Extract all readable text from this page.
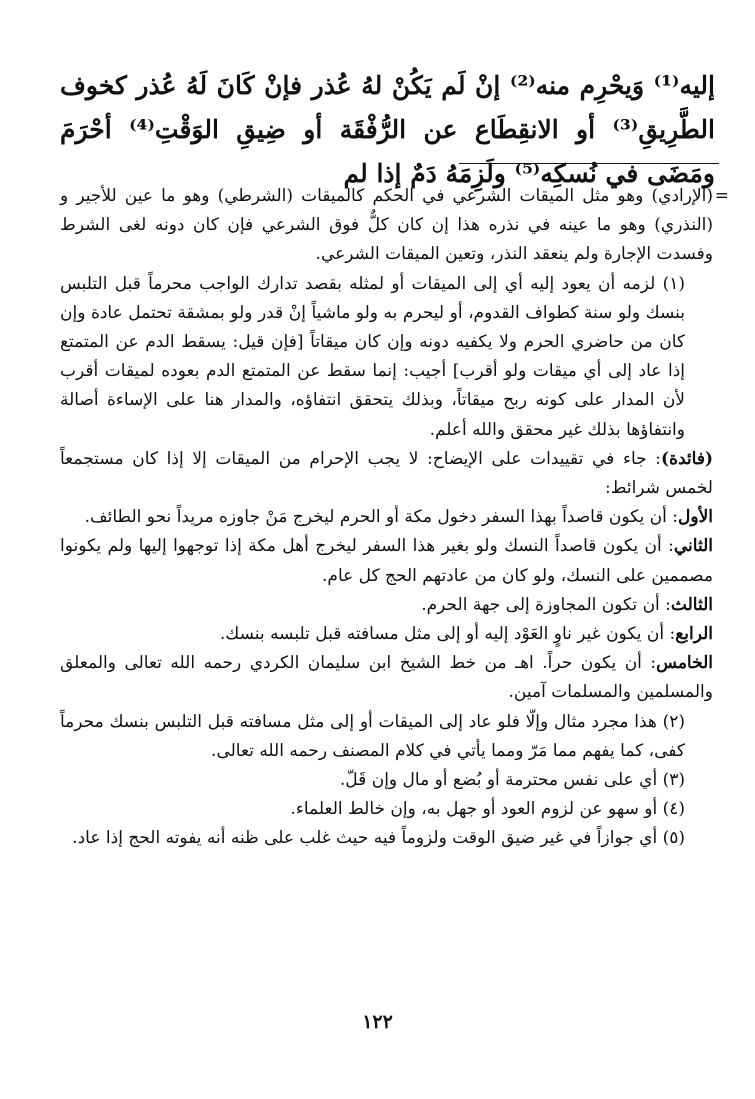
إليه⁽¹⁾ وَيحْرِم منه⁽²⁾ إنْ لَم يَكُنْ لهُ عُذر فإنْ كَانَ لَهُ عُذر كخوف الطَّرِيقِ⁽³⁾ أو الانقِطَاع عن الرُّفْقَة أو ضِيقِ الوَقْتِ⁽⁴⁾ أحْرَمَ ومَضَى في نُسكِه⁽⁵⁾ ولَزِمَهُ دَمٌ إذا لم

=
(الإرادي) وهو مثل الميقات الشرعي في الحكم كالميقات (الشرطي) وهو ما عين للأجير و (النذري) وهو ما عينه في نذره هذا إن كان كلٌّ فوق الشرعي فإن كان دونه لغى الشرط وفسدت الإجارة ولم ينعقد النذر، وتعين الميقات الشرعي.

(١) لزمه أن يعود إليه أي إلى الميقات أو لمثله بقصد تدارك الواجب محرماً قبل التلبس بنسك ولو سنة كطواف القدوم، أو ليحرم به ولو ماشياً إنْ قدر ولو بمشقة تحتمل عادة وإن كان من حاضري الحرم ولا يكفيه دونه وإن كان ميقاتاً [فإن قيل: يسقط الدم عن المتمتع إذا عاد إلى أي ميقات ولو أقرب] أجيب: إنما سقط عن المتمتع الدم بعوده لميقات أقرب لأن المدار على كونه ربح ميقاتاً، وبذلك يتحقق انتفاؤه، والمدار هنا على الإساءة أصالة وانتفاؤها بذلك غير محقق والله أعلم.

(فائدة): جاء في تقييدات على الإيضاح: لا يجب الإحرام من الميقات إلا إذا كان مستجمعاً لخمس شرائط:

الأول: أن يكون قاصداً بهذا السفر دخول مكة أو الحرم ليخرج مَنْ جاوزه مريداً نحو الطائف.

الثاني: أن يكون قاصداً النسك ولو بغير هذا السفر ليخرج أهل مكة إذا توجهوا إليها ولم يكونوا مصممين على النسك، ولو كان من عادتهم الحج كل عام.

الثالث: أن تكون المجاوزة إلى جهة الحرم.

الرابع: أن يكون غير ناوٍ العَوْد إليه أو إلى مثل مسافته قبل تلبسه بنسك.

الخامس: أن يكون حراً. اهـ من خط الشيخ ابن سليمان الكردي رحمه الله تعالى والمعلق والمسلمين والمسلمات آمين.

(٢) هذا مجرد مثال وإلّا فلو عاد إلى الميقات أو إلى مثل مسافته قبل التلبس بنسك محرماً كفى، كما يفهم مما مَرّ ومما يأتي في كلام المصنف رحمه الله تعالى.

(٣) أي على نفس محترمة أو بُضع أو مال وإن قَلّ.

(٤) أو سهو عن لزوم العود أو جهل به، وإن خالط العلماء.

(٥) أي جوازاً في غير ضيق الوقت ولزوماً فيه حيث غلب على ظنه أنه يفوته الحج إذا عاد.

١٢٢
